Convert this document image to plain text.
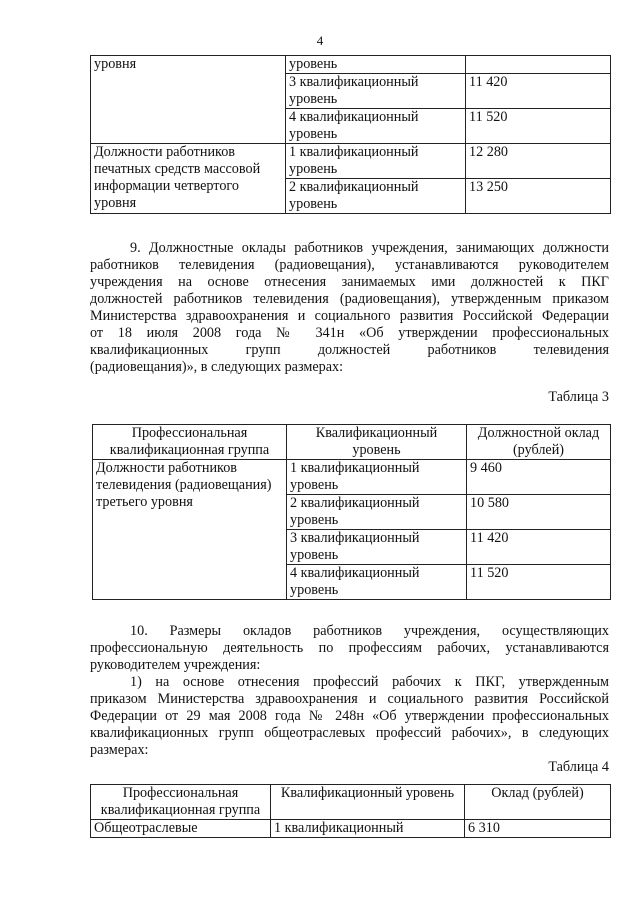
4
уровня	уровень	
	3 квалификационный уровень	11 420
	4 квалификационный уровень	11 520
Должности работников печатных средств массовой информации четвертого уровня	1 квалификационный уровень	12 280
	2 квалификационный уровень	13 250
9. Должностные оклады работников учреждения, занимающих должности
работников телевидения (радиовещания), устанавливаются руководителем
учреждения на основе отнесения занимаемых ими должностей к ПКГ
должностей работников телевидения (радиовещания), утвержденным приказом
Министерства здравоохранения и социального развития Российской Федерации
от 18 июля 2008 года № 341н «Об утверждении профессиональных
квалификационных групп должностей работников телевидения
(радиовещания)», в следующих размерах:
Таблица 3
Профессиональная квалификационная группа	Квалификационный уровень	Должностной оклад (рублей)
Должности работников телевидения (радиовещания) третьего уровня	1 квалификационный уровень	9 460
	2 квалификационный уровень	10 580
	3 квалификационный уровень	11 420
	4 квалификационный уровень	11 520
10. Размеры окладов работников учреждения, осуществляющих
профессиональную деятельность по профессиям рабочих, устанавливаются
руководителем учреждения:
1) на основе отнесения профессий рабочих к ПКГ, утвержденным
приказом Министерства здравоохранения и социального развития Российской
Федерации от 29 мая 2008 года № 248н «Об утверждении профессиональных
квалификационных групп общеотраслевых профессий рабочих», в следующих
размерах:
Таблица 4
Профессиональная квалификационная группа	Квалификационный уровень	Оклад (рублей)
Общеотраслевые	1 квалификационный	6 310
